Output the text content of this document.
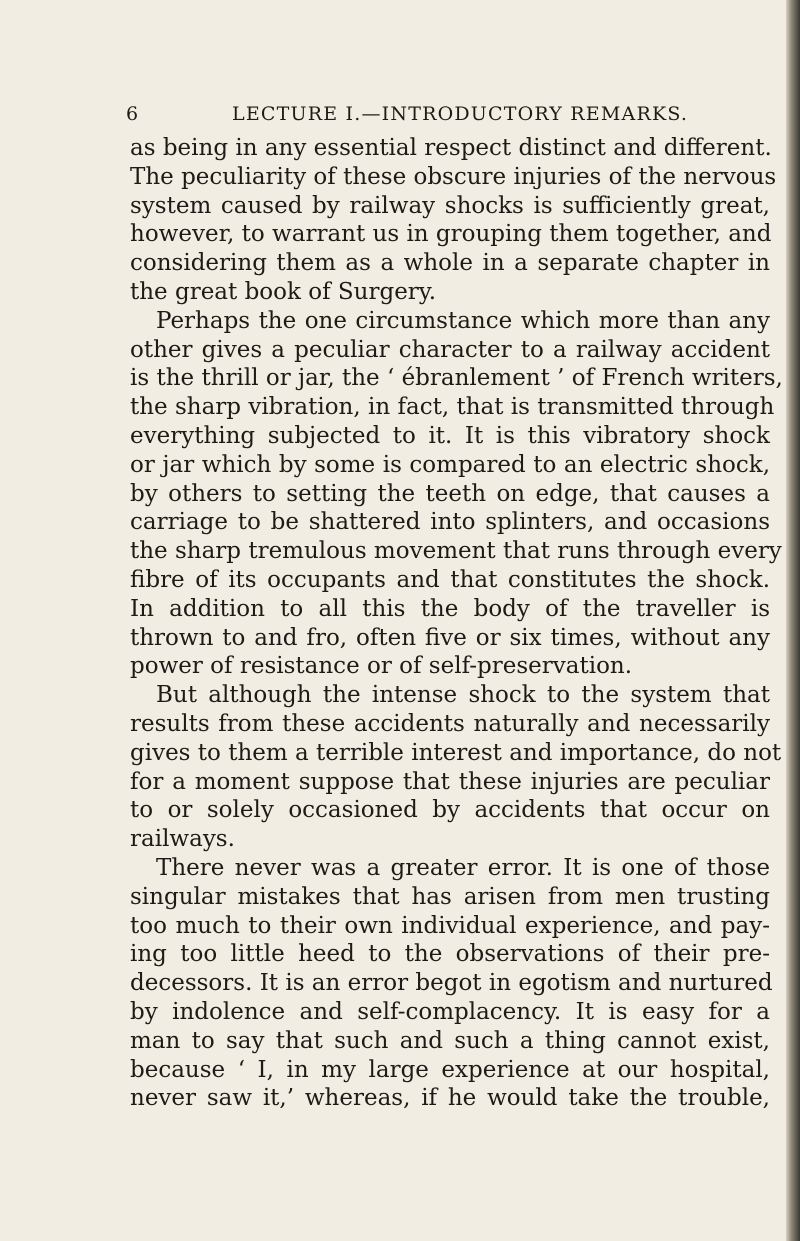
6	LECTURE I.—INTRODUCTORY REMARKS.
as being in any essential respect distinct and different.
The peculiarity of these obscure injuries of the nervous
system caused by railway shocks is sufficiently great,
however, to warrant us in grouping them together, and
considering them as a whole in a separate chapter in
the great book of Surgery.
Perhaps the one circumstance which more than any
other gives a peculiar character to a railway accident
is the thrill or jar, the ‘ ébranlement ’ of French writers,
the sharp vibration, in fact, that is transmitted through
everything subjected to it. It is this vibratory shock
or jar which by some is compared to an electric shock,
by others to setting the teeth on edge, that causes a
carriage to be shattered into splinters, and occasions
the sharp tremulous movement that runs through every
fibre of its occupants and that constitutes the shock.
In addition to all this the body of the traveller is
thrown to and fro, often five or six times, without any
power of resistance or of self-preservation.
But although the intense shock to the system that
results from these accidents naturally and necessarily
gives to them a terrible interest and importance, do not
for a moment suppose that these injuries are peculiar
to or solely occasioned by accidents that occur on
railways.
There never was a greater error. It is one of those
singular mistakes that has arisen from men trusting
too much to their own individual experience, and pay-
ing too little heed to the observations of their pre-
decessors. It is an error begot in egotism and nurtured
by indolence and self-complacency. It is easy for a
man to say that such and such a thing cannot exist,
because ‘ I, in my large experience at our hospital,
never saw it,’ whereas, if he would take the trouble,
